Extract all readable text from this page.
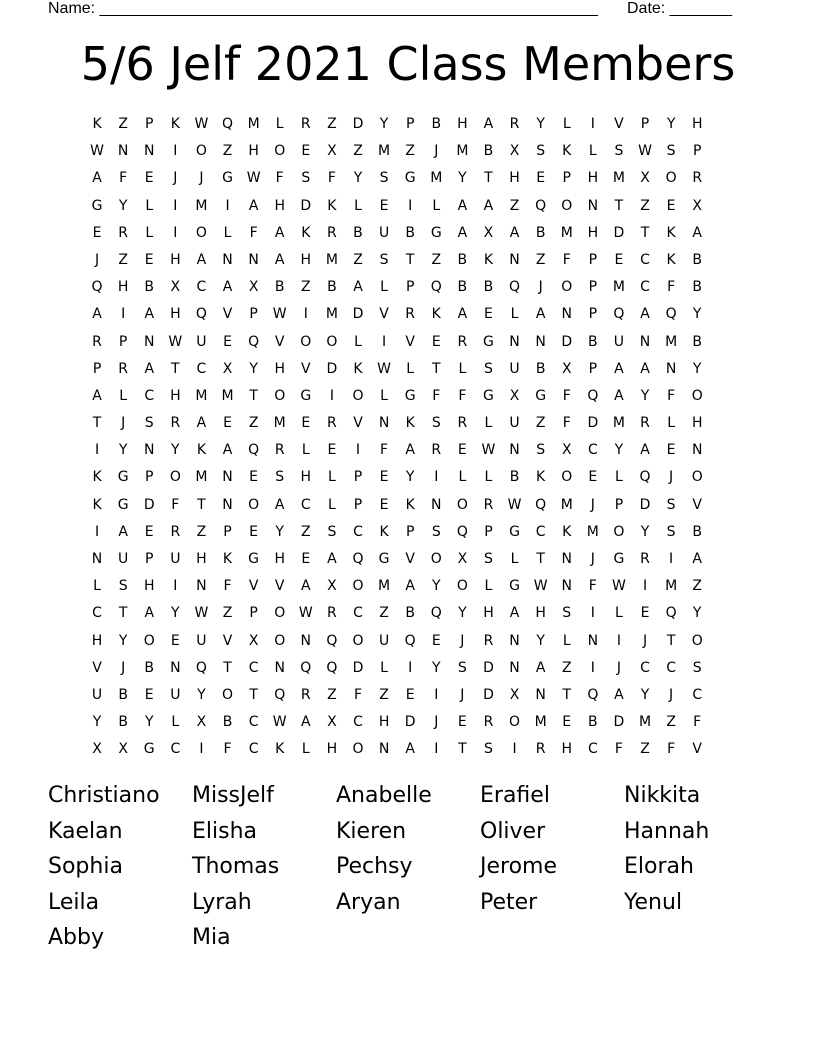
Name: ________________________________________________________ Date: _______
5/6 Jelf 2021 Class Members
K	Z	P	K	W Q	M	L	R	Z	D	Y	P	B	H	A	R	Y	L	I	V	P	Y	H
W N	N	I	O	Z	H	O	E	X	Z	M	Z	J	M	B	X	S	K	L	S	W	S	P
A	F	E	J	J	G W	F	S	F	Y	S	G	M	Y	T	H	E	P	H	M	X	O	R
G	Y	L	I	M	I	A	H	D	K	L	E	I	L	A	A	Z	Q	O	N	T	Z	E	X
E	R	L	I	O	L	F	A	K	R	B	U	B	G	A	X	A	B	M	H	D	T	K	A
J	Z	E	H	A	N	N	A	H	M	Z	S	T	Z	B	K	N	Z	F	P	E	C	K	B
Q	H	B	X	C	A	X	B	Z	B	A	L	P	Q	B	B	Q	J	O	P	M	C	F	B
A	I	A	H	Q	V	P	W	I	M	D	V	R	K	A	E	L	A	N	P	Q	A	Q	Y
R	P	N W	U	E	Q	V	O	O	L	I	V	E	R	G	N	N	D	B	U	N	M	B
P	R	A	T	C	X	Y	H	V	D	K	W	L	T	L	S	U	B	X	P	A	A	N	Y
A	L	C	H	M	M	T	O	G	I	O	L	G	F	F	G	X	G	F	Q	A	Y	F	O
T	J	S	R	A	E	Z	M	E	R	V	N	K	S	R	L	U	Z	F	D	M	R	L	H
I	Y	N	Y	K	A	Q	R	L	E	I	F	A	R	E	W N	S	X	C	Y	A	E	N
K	G	P	O	M	N	E	S	H	L	P	E	Y	I	L	L	B	K	O	E	L	Q	J	O
K	G	D	F	T	N	O	A	C	L	P	E	K	N	O	R	W Q	M	J	P	D	S	V
I	A	E	R	Z	P	E	Y	Z	S	C	K	P	S	Q	P	G	C	K	M	O	Y	S	B
N	U	P	U	H	K	G	H	E	A	Q	G	V	O	X	S	L	T	N	J	G	R	I	A
L	S	H	I	N	F	V	V	A	X	O	M	A	Y	O	L	G W N	F	W	I	M	Z
C	T	A	Y	W	Z	P	O W	R	C	Z	B	Q	Y	H	A	H	S	I	L	E	Q	Y
H	Y	O	E	U	V	X	O	N	Q	O	U	Q	E	J	R	N	Y	L	N	I	J	T	O
V	J	B	N	Q	T	C	N	Q	Q	D	L	I	Y	S	D	N	A	Z	I	J	C	C	S
U	B	E	U	Y	O	T	Q	R	Z	F	Z	E	I	J	D	X	N	T	Q	A	Y	J	C
Y	B	Y	L	X	B	C	W	A	X	C	H	D	J	E	R	O	M	E	B	D	M	Z	F
X	X	G	C	I	F	C	K	L	H	O	N	A	I	T	S	I	R	H	C	F	Z	F	V
Christiano	MissJelf	Anabelle	Erafiel	Nikkita
Kaelan	Elisha	Kieren	Oliver	Hannah
Sophia	Thomas	Pechsy	Jerome	Elorah
Leila	Lyrah	Aryan	Peter	Yenul
Abby	Mia
